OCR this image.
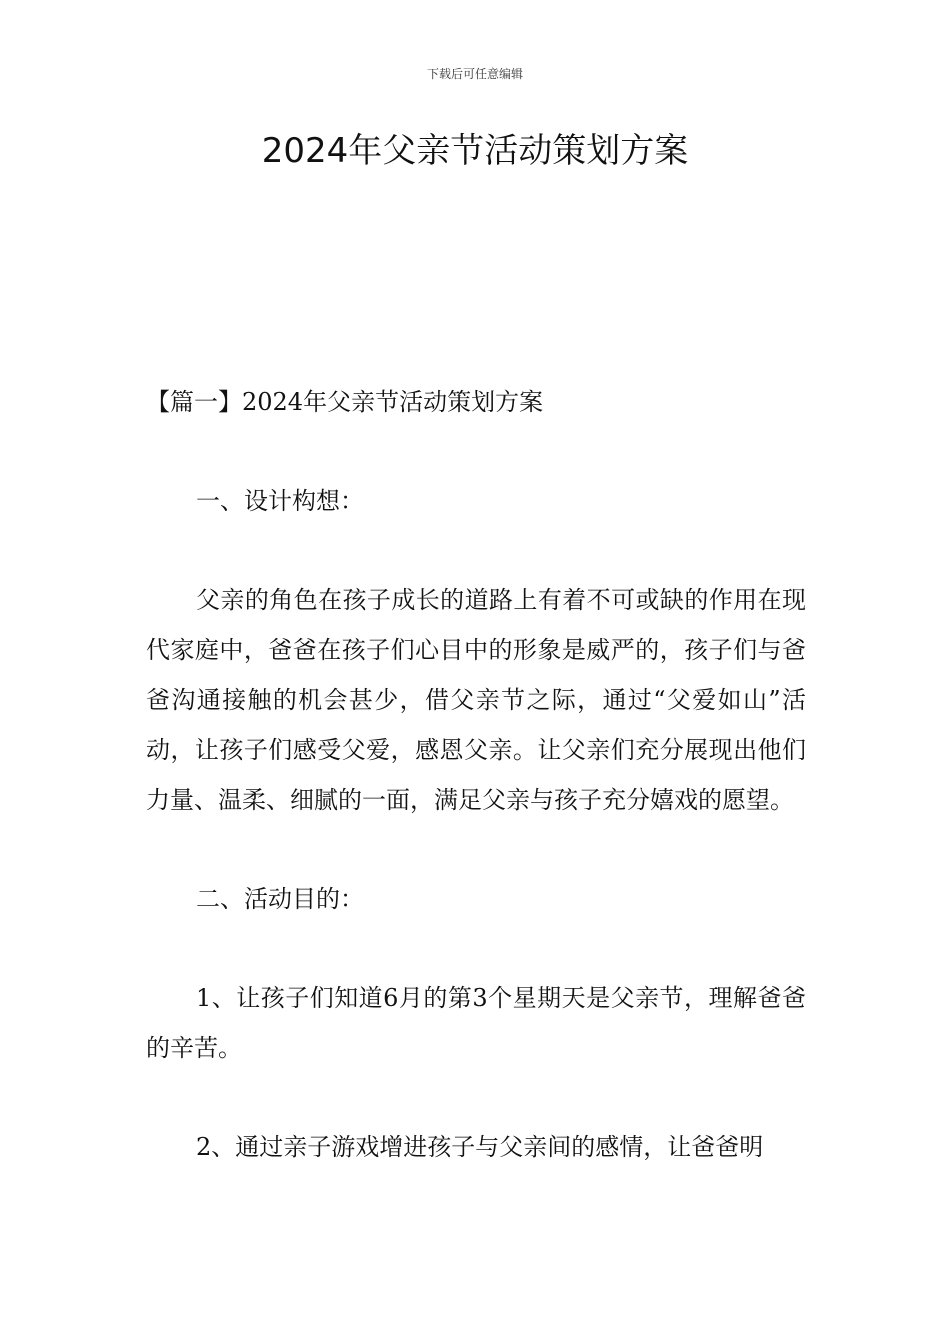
下载后可任意编辑
2024年父亲节活动策划方案

【篇一】2024年父亲节活动策划方案

一、设计构想：

父亲的角色在孩子成长的道路上有着不可或缺的作用在现代家庭中，爸爸在孩子们心目中的形象是威严的，孩子们与爸爸沟通接触的机会甚少，借父亲节之际，通过“父爱如山”活动，让孩子们感受父爱，感恩父亲。让父亲们充分展现出他们力量、温柔、细腻的一面，满足父亲与孩子充分嬉戏的愿望。

二、活动目的：

1、让孩子们知道6月的第3个星期天是父亲节，理解爸爸的辛苦。

2、通过亲子游戏增进孩子与父亲间的感情，让爸爸明
